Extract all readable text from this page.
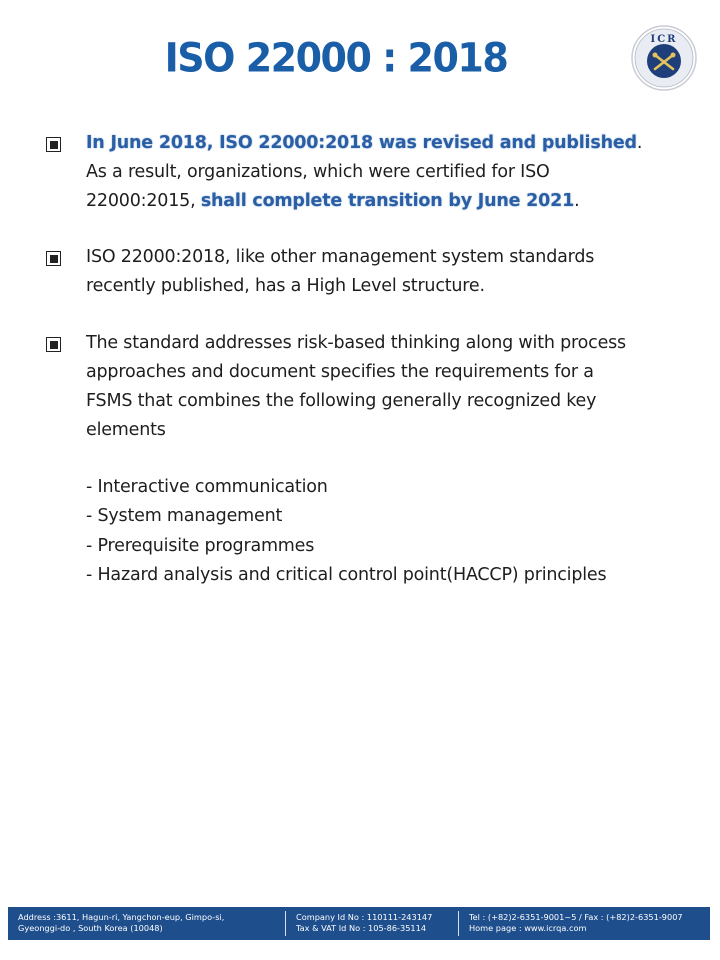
ISO 22000 : 2018	ICR
In June 2018, ISO 22000:2018 was revised and published.
As a result, organizations, which were certified for ISO
22000:2015, shall complete transition by June 2021.
ISO 22000:2018, like other management system standards
recently published, has a High Level structure.
The standard addresses risk-based thinking along with process
approaches and document specifies the requirements for a
FSMS that combines the following generally recognized key
elements
- Interactive communication
- System management
- Prerequisite programmes
- Hazard analysis and critical control point(HACCP) principles
Address :3611, Hagun-ri, Yangchon-eup, Gimpo-si,
Gyeonggi-do , South Korea (10048)
Company Id No : 110111-243147
Tax & VAT Id No : 105-86-35114
Tel : (+82)2-6351-9001~5 / Fax : (+82)2-6351-9007
Home page : www.icrqa.com
